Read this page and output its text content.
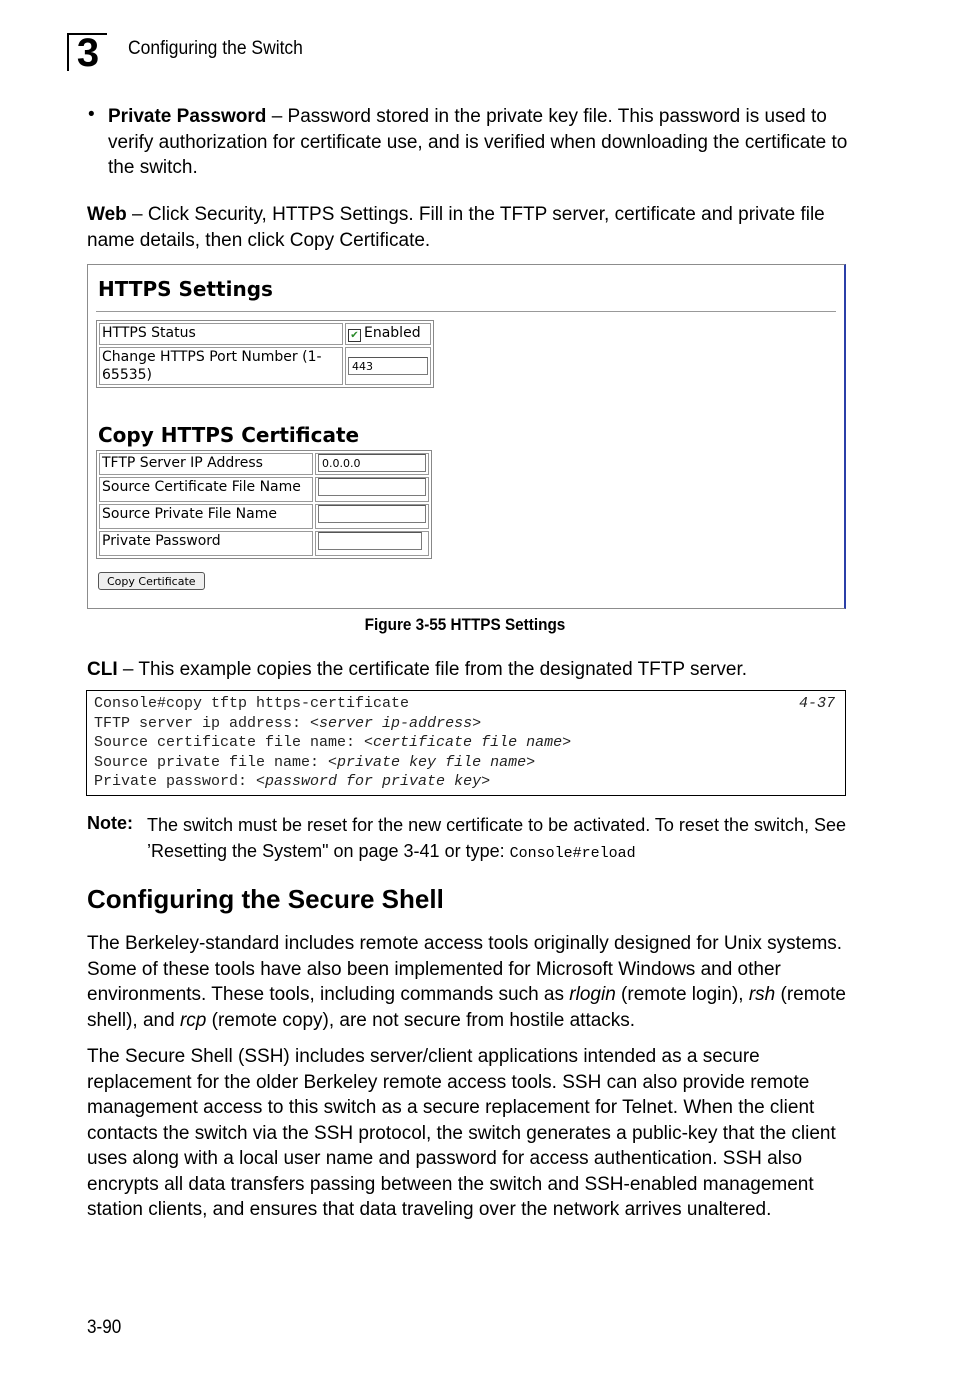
3	Configuring the Switch
• Private Password – Password stored in the private key file. This password is used to verify authorization for certificate use, and is verified when downloading the certificate to the switch.
Web – Click Security, HTTPS Settings. Fill in the TFTP server, certificate and private file name details, then click Copy Certificate.
HTTPS Settings
HTTPS Status	✔ Enabled
Change HTTPS Port Number (1-65535)	443
Copy HTTPS Certificate
TFTP Server IP Address	0.0.0.0
Source Certificate File Name	
Source Private File Name	
Private Password	
Copy Certificate
Figure 3-55 HTTPS Settings
CLI – This example copies the certificate file from the designated TFTP server.
4-37
Console#copy tftp https-certificate
TFTP server ip address: <server ip-address>
Source certificate file name: <certificate file name>
Source private file name: <private key file name>
Private password: <password for private key>
Note: The switch must be reset for the new certificate to be activated. To reset the switch, See ’Resetting the System" on page 3-41 or type: Console#reload
Configuring the Secure Shell
The Berkeley-standard includes remote access tools originally designed for Unix systems. Some of these tools have also been implemented for Microsoft Windows and other environments. These tools, including commands such as rlogin (remote login), rsh (remote shell), and rcp (remote copy), are not secure from hostile attacks.
The Secure Shell (SSH) includes server/client applications intended as a secure replacement for the older Berkeley remote access tools. SSH can also provide remote management access to this switch as a secure replacement for Telnet. When the client contacts the switch via the SSH protocol, the switch generates a public-key that the client uses along with a local user name and password for access authentication. SSH also encrypts all data transfers passing between the switch and SSH-enabled management station clients, and ensures that data traveling over the network arrives unaltered.
3-90
